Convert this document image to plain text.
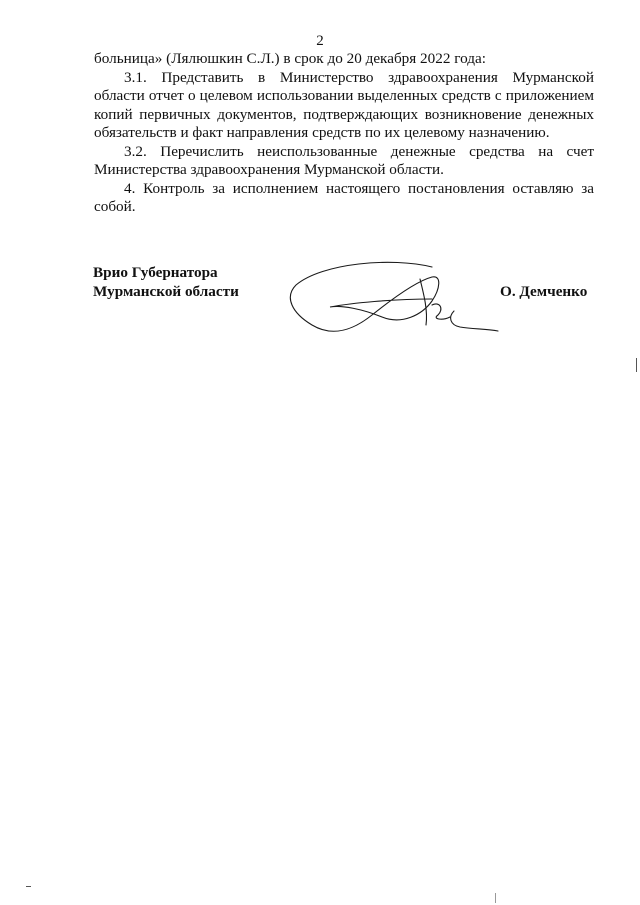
2

больница» (Лялюшкин С.Л.) в срок до 20 декабря 2022 года:

3.1. Представить в Министерство здравоохранения Мурманской области отчет о целевом использовании выделенных средств с приложением копий первичных документов, подтверждающих возникновение денежных обязательств и факт направления средств по их целевому назначению.

3.2. Перечислить неиспользованные денежные средства на счет Министерства здравоохранения Мурманской области.

4. Контроль за исполнением настоящего постановления оставляю за собой.

Врио Губернатора
Мурманской области	О. Демченко
